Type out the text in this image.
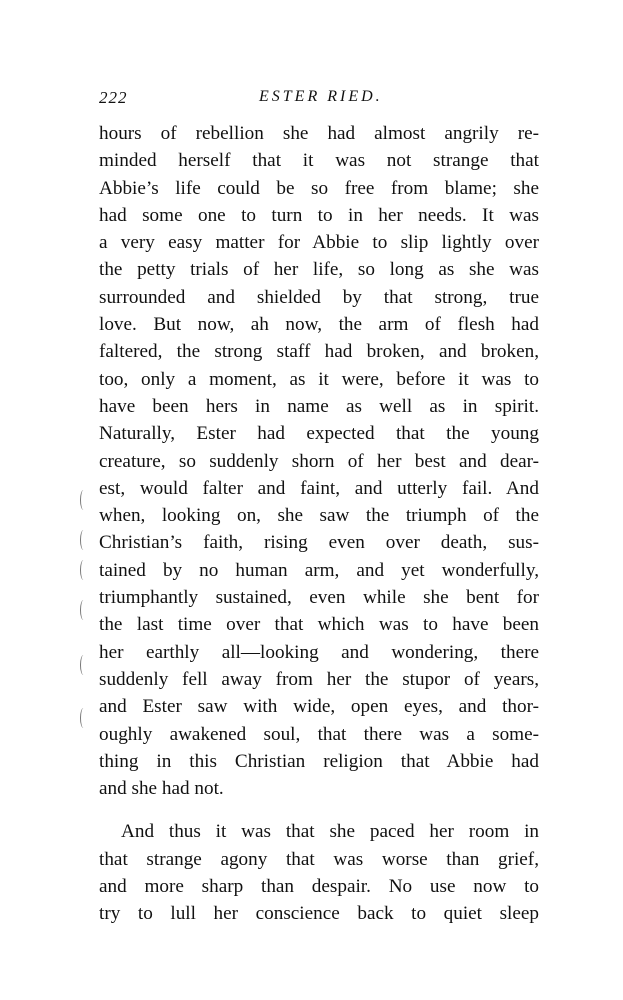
222	ESTER RIED.
hours of rebellion she had almost angrily re-
minded herself that it was not strange that
Abbie’s life could be so free from blame; she
had some one to turn to in her needs. It was
a very easy matter for Abbie to slip lightly over
the petty trials of her life, so long as she was
surrounded and shielded by that strong, true
love. But now, ah now, the arm of flesh had
faltered, the strong staff had broken, and broken,
too, only a moment, as it were, before it was to
have been hers in name as well as in spirit.
Naturally, Ester had expected that the young
creature, so suddenly shorn of her best and dear-
est, would falter and faint, and utterly fail. And
when, looking on, she saw the triumph of the
Christian’s faith, rising even over death, sus-
tained by no human arm, and yet wonderfully,
triumphantly sustained, even while she bent for
the last time over that which was to have been
her earthly all—looking and wondering, there
suddenly fell away from her the stupor of years,
and Ester saw with wide, open eyes, and thor-
oughly awakened soul, that there was a some-
thing in this Christian religion that Abbie had
and she had not.
And thus it was that she paced her room in
that strange agony that was worse than grief,
and more sharp than despair. No use now to
try to lull her conscience back to quiet sleep
